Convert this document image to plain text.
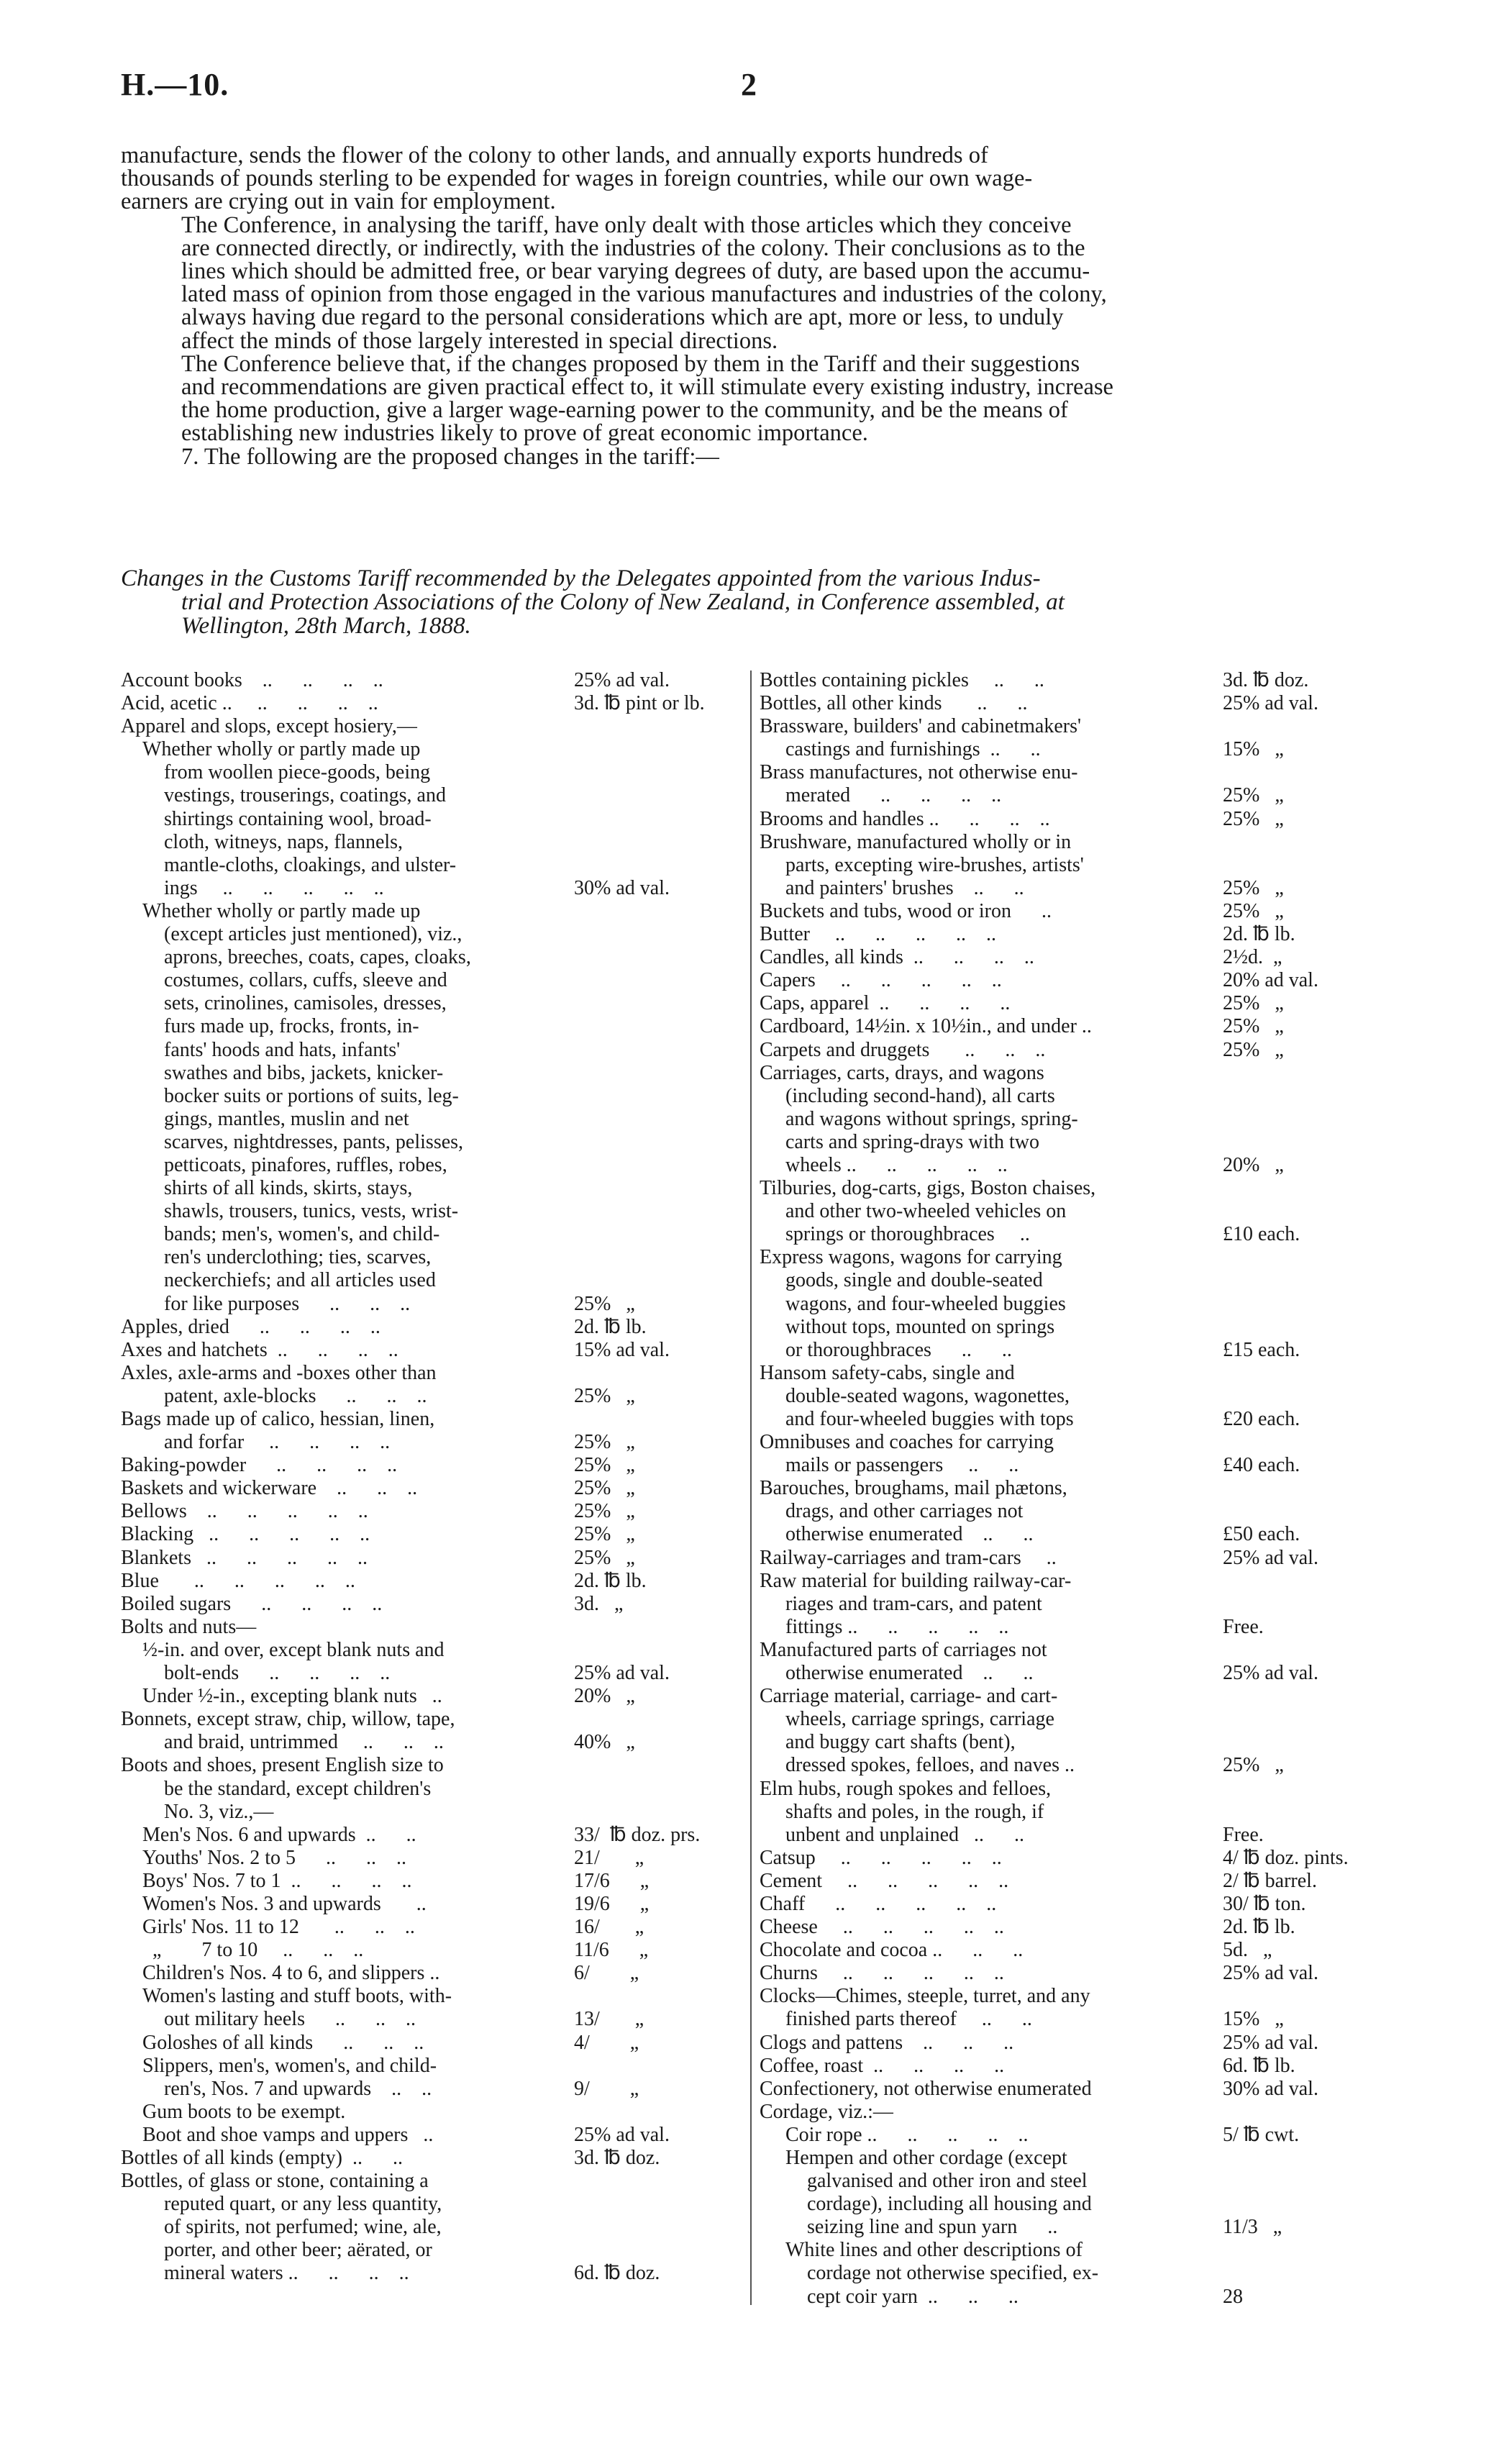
H.—10.	2

manufacture, sends the flower of the colony to other lands, and annually exports hundreds of
thousands of pounds sterling to be expended for wages in foreign countries, while our own wage-
earners are crying out in vain for employment.

The Conference, in analysing the tariff, have only dealt with those articles which they conceive
are connected directly, or indirectly, with the industries of the colony. Their conclusions as to the
lines which should be admitted free, or bear varying degrees of duty, are based upon the accumu-
lated mass of opinion from those engaged in the various manufactures and industries of the colony,
always having due regard to the personal considerations which are apt, more or less, to unduly
affect the minds of those largely interested in special directions.

The Conference believe that, if the changes proposed by them in the Tariff and their suggestions
and recommendations are given practical effect to, it will stimulate every existing industry, increase
the home production, give a larger wage-earning power to the community, and be the means of
establishing new industries likely to prove of great economic importance.

7. The following are the proposed changes in the tariff:—

Changes in the Customs Tariff recommended by the Delegates appointed from the various Indus-
trial and Protection Associations of the Colony of New Zealand, in Conference assembled, at
Wellington, 28th March, 1888.
Account books    ..      ..      ..    ..	25% ad val.
Acid, acetic ..     ..      ..      ..    ..	3d. ℔ pint or lb.
Apparel and slops, except hosiery,—
Whether wholly or partly made up
from woollen piece-goods, being
vestings, trouserings, coatings, and
shirtings containing wool, broad-
cloth, witneys, naps, flannels,
mantle-cloths, cloakings, and ulster-
ings     ..      ..      ..      ..    ..	30% ad val.
Whether wholly or partly made up
(except articles just mentioned), viz.,
aprons, breeches, coats, capes, cloaks,
costumes, collars, cuffs, sleeve and
sets, crinolines, camisoles, dresses,
furs made up, frocks, fronts, in-
fants' hoods and hats, infants'
swathes and bibs, jackets, knicker-
bocker suits or portions of suits, leg-
gings, mantles, muslin and net
scarves, nightdresses, pants, pelisses,
petticoats, pinafores, ruffles, robes,
shirts of all kinds, skirts, stays,
shawls, trousers, tunics, vests, wrist-
bands; men's, women's, and child-
ren's underclothing; ties, scarves,
neckerchiefs; and all articles used
for like purposes      ..      ..    ..	25%   „
Apples, dried      ..      ..      ..    ..	2d. ℔ lb.
Axes and hatchets  ..      ..      ..    ..	15% ad val.
Axles, axle-arms and -boxes other than
patent, axle-blocks      ..      ..    ..	25%   „
Bags made up of calico, hessian, linen,
and forfar     ..      ..      ..    ..	25%   „
Baking-powder      ..      ..      ..    ..	25%   „
Baskets and wickerware    ..      ..    ..	25%   „
Bellows    ..      ..      ..      ..    ..	25%   „
Blacking   ..      ..      ..      ..    ..	25%   „
Blankets   ..      ..      ..      ..    ..	25%   „
Blue       ..      ..      ..      ..    ..	2d. ℔ lb.
Boiled sugars      ..      ..      ..    ..	3d.   „
Bolts and nuts—
½-in. and over, except blank nuts and
bolt-ends      ..      ..      ..    ..	25% ad val.
Under ½-in., excepting blank nuts   ..	20%   „
Bonnets, except straw, chip, willow, tape,
and braid, untrimmed     ..      ..    ..	40%   „
Boots and shoes, present English size to
be the standard, except children's
No. 3, viz.,—
Men's Nos. 6 and upwards  ..      ..	33/  ℔ doz. prs.
Youths' Nos. 2 to 5      ..      ..    ..	21/       „
Boys' Nos. 7 to 1  ..      ..      ..    ..	17/6      „
Women's Nos. 3 and upwards       ..	19/6      „
Girls' Nos. 11 to 12       ..      ..    ..	16/       „
„        7 to 10     ..      ..    ..	11/6      „
Children's Nos. 4 to 6, and slippers ..	6/        „
Women's lasting and stuff boots, with-
out military heels      ..      ..    ..	13/       „
Goloshes of all kinds      ..      ..    ..	4/        „
Slippers, men's, women's, and child-
ren's, Nos. 7 and upwards    ..    ..	9/        „
Gum boots to be exempt.
Boot and shoe vamps and uppers   ..	25% ad val.
Bottles of all kinds (empty)  ..      ..	3d. ℔ doz.
Bottles, of glass or stone, containing a
reputed quart, or any less quantity,
of spirits, not perfumed; wine, ale,
porter, and other beer; aërated, or
mineral waters ..      ..      ..    ..	6d. ℔ doz.
Bottles containing pickles     ..      ..	3d. ℔ doz.
Bottles, all other kinds       ..      ..	25% ad val.
Brassware, builders' and cabinetmakers'
castings and furnishings  ..      ..	15%   „
Brass manufactures, not otherwise enu-
merated      ..      ..      ..    ..	25%   „
Brooms and handles ..      ..      ..    ..	25%   „
Brushware, manufactured wholly or in
parts, excepting wire-brushes, artists'
and painters' brushes    ..      ..	25%   „
Buckets and tubs, wood or iron      ..	25%   „
Butter     ..      ..      ..      ..    ..	2d. ℔ lb.
Candles, all kinds  ..      ..      ..    ..	2½d.  „
Capers     ..      ..      ..      ..    ..	20% ad val.
Caps, apparel  ..      ..      ..      ..	25%   „
Cardboard, 14½in. x 10½in., and under ..	25%   „
Carpets and druggets       ..      ..    ..	25%   „
Carriages, carts, drays, and wagons
(including second-hand), all carts
and wagons without springs, spring-
carts and spring-drays with two
wheels ..      ..      ..      ..    ..	20%   „
Tilburies, dog-carts, gigs, Boston chaises,
and other two-wheeled vehicles on
springs or thoroughbraces     ..	£10 each.
Express wagons, wagons for carrying
goods, single and double-seated
wagons, and four-wheeled buggies
without tops, mounted on springs
or thoroughbraces      ..      ..	£15 each.
Hansom safety-cabs, single and
double-seated wagons, wagonettes,
and four-wheeled buggies with tops	£20 each.
Omnibuses and coaches for carrying
mails or passengers     ..      ..	£40 each.
Barouches, broughams, mail phætons,
drags, and other carriages not
otherwise enumerated    ..      ..	£50 each.
Railway-carriages and tram-cars     ..	25% ad val.
Raw material for building railway-car-
riages and tram-cars, and patent
fittings ..      ..      ..      ..    ..	Free.
Manufactured parts of carriages not
otherwise enumerated    ..      ..	25% ad val.
Carriage material, carriage- and cart-
wheels, carriage springs, carriage
and buggy cart shafts (bent),
dressed spokes, felloes, and naves ..	25%   „
Elm hubs, rough spokes and felloes,
shafts and poles, in the rough, if
unbent and unplained   ..      ..	Free.
Catsup     ..      ..      ..      ..    ..	4/ ℔ doz. pints.
Cement     ..      ..      ..      ..    ..	2/ ℔ barrel.
Chaff      ..      ..      ..      ..    ..	30/ ℔ ton.
Cheese     ..      ..      ..      ..    ..	2d. ℔ lb.
Chocolate and cocoa ..      ..      ..	5d.   „
Churns     ..      ..      ..      ..    ..	25% ad val.
Clocks—Chimes, steeple, turret, and any
finished parts thereof     ..      ..	15%   „
Clogs and pattens    ..      ..      ..	25% ad val.
Coffee, roast  ..      ..      ..      ..	6d. ℔ lb.
Confectionery, not otherwise enumerated	30% ad val.
Cordage, viz.:—
Coir rope ..      ..      ..      ..    ..	5/ ℔ cwt.
Hempen and other cordage (except
galvanised and other iron and steel
cordage), including all housing and
seizing line and spun yarn      ..	11/3   „
White lines and other descriptions of
cordage not otherwise specified, ex-
cept coir yarn  ..      ..      ..	28
